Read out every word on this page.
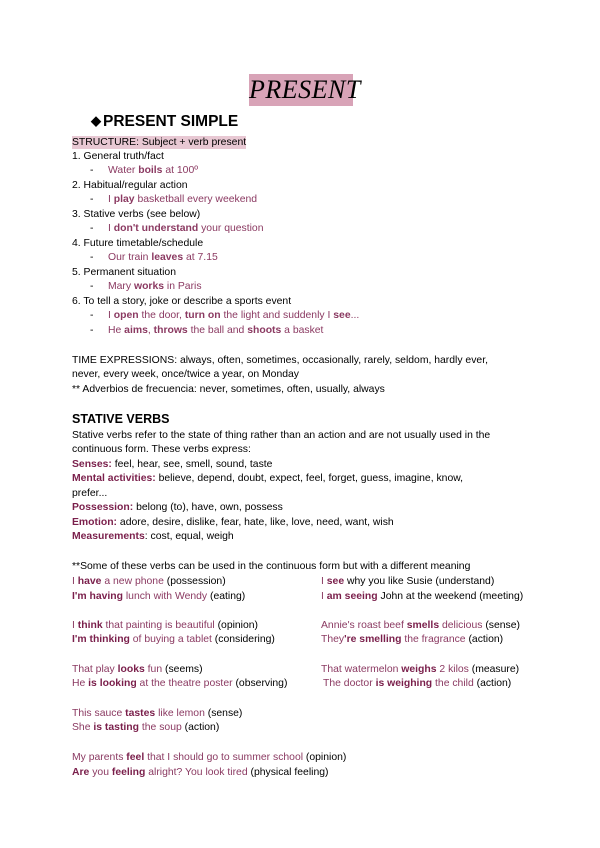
PRESENT
◆ PRESENT SIMPLE
STRUCTURE: Subject + verb present
1. General truth/fact
- Water boils at 100º
2. Habitual/regular action
- I play basketball every weekend
3. Stative verbs (see below)
- I don't understand your question
4. Future timetable/schedule
- Our train leaves at 7.15
5. Permanent situation
- Mary works in Paris
6. To tell a story, joke or describe a sports event
- I open the door, turn on the light and suddenly I see...
- He aims, throws the ball and shoots a basket
TIME EXPRESSIONS: always, often, sometimes, occasionally, rarely, seldom, hardly ever,
never, every week, once/twice a year, on Monday
** Adverbios de frecuencia: never, sometimes, often, usually, always
STATIVE VERBS
Stative verbs refer to the state of thing rather than an action and are not usually used in the
continuous form. These verbs express:
Senses: feel, hear, see, smell, sound, taste
Mental activities: believe, depend, doubt, expect, feel, forget, guess, imagine, know,
prefer...
Possession: belong (to), have, own, possess
Emotion: adore, desire, dislike, fear, hate, like, love, need, want, wish
Measurements: cost, equal, weigh
**Some of these verbs can be used in the continuous form but with a different meaning
I have a new phone (possession)	I see why you like Susie (understand)
I'm having lunch with Wendy (eating)	I am seeing John at the weekend (meeting)
I think that painting is beautiful (opinion)	Annie's roast beef smells delicious (sense)
I'm thinking of buying a tablet (considering)	They're smelling the fragrance (action)
That play looks fun (seems)	That watermelon weighs 2 kilos (measure)
He is looking at the theatre poster (observing)	The doctor is weighing the child (action)
This sauce tastes like lemon (sense)
She is tasting the soup (action)
My parents feel that I should go to summer school (opinion)
Are you feeling alright? You look tired (physical feeling)
